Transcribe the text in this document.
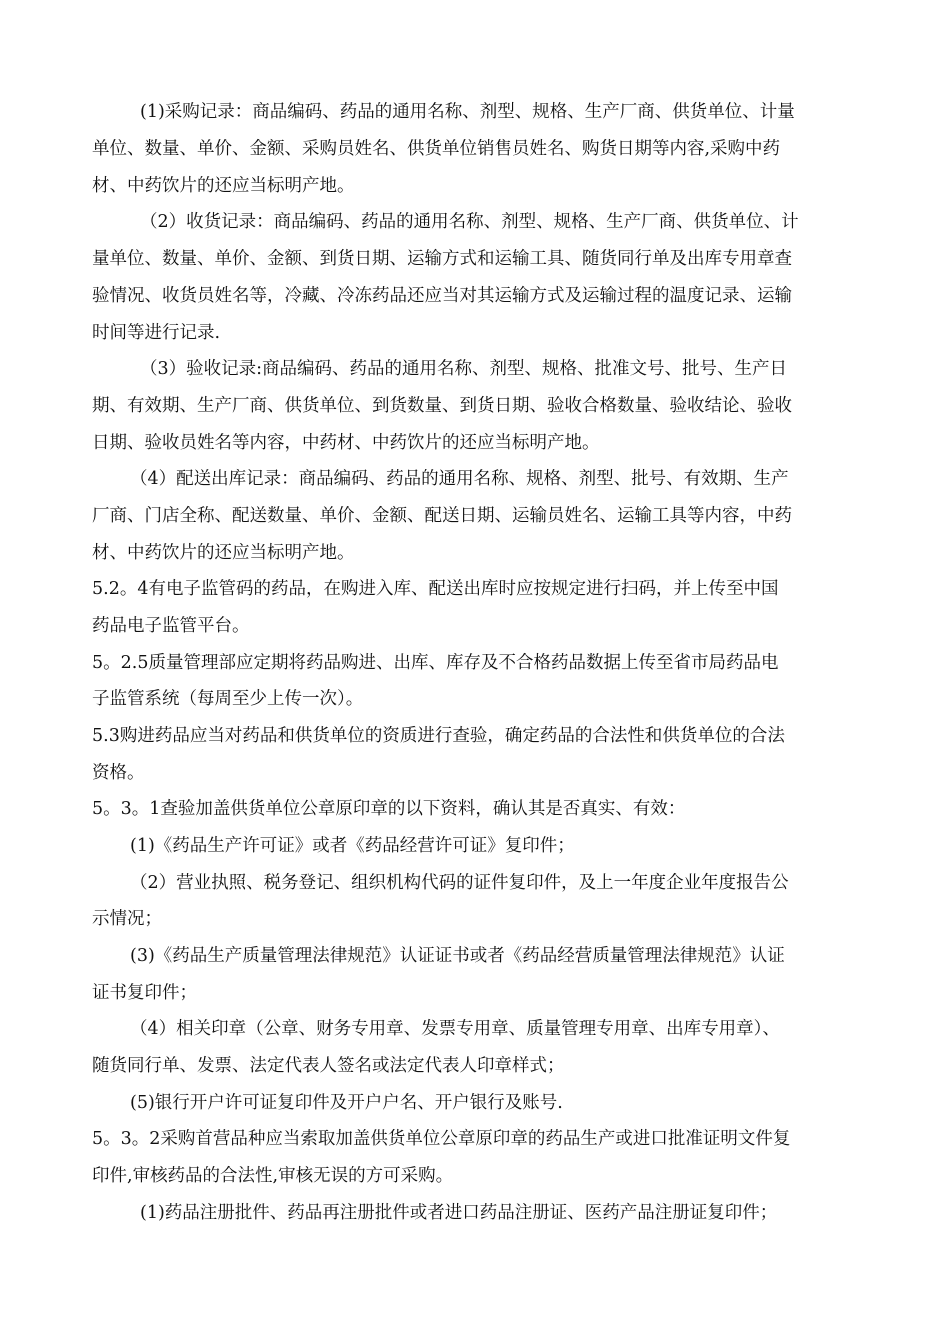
(1)采购记录：商品编码、药品的通用名称、剂型、规格、生产厂商、供货单位、计量
单位、数量、单价、金额、采购员姓名、供货单位销售员姓名、购货日期等内容,采购中药
材、中药饮片的还应当标明产地。
（2）收货记录：商品编码、药品的通用名称、剂型、规格、生产厂商、供货单位、计
量单位、数量、单价、金额、到货日期、运输方式和运输工具、随货同行单及出库专用章查
验情况、收货员姓名等，冷藏、冷冻药品还应当对其运输方式及运输过程的温度记录、运输
时间等进行记录.
（3）验收记录:商品编码、药品的通用名称、剂型、规格、批准文号、批号、生产日
期、有效期、生产厂商、供货单位、到货数量、到货日期、验收合格数量、验收结论、验收
日期、验收员姓名等内容，中药材、中药饮片的还应当标明产地。
（4）配送出库记录：商品编码、药品的通用名称、规格、剂型、批号、有效期、生产
厂商、门店全称、配送数量、单价、金额、配送日期、运输员姓名、运输工具等内容，中药
材、中药饮片的还应当标明产地。
5.2。4有电子监管码的药品，在购进入库、配送出库时应按规定进行扫码，并上传至中国
药品电子监管平台。
5。2.5质量管理部应定期将药品购进、出库、库存及不合格药品数据上传至省市局药品电
子监管系统（每周至少上传一次）。
5.3购进药品应当对药品和供货单位的资质进行查验，确定药品的合法性和供货单位的合法
资格。
5。3。1查验加盖供货单位公章原印章的以下资料，确认其是否真实、有效：
(1)《药品生产许可证》或者《药品经营许可证》复印件；
（2）营业执照、税务登记、组织机构代码的证件复印件，及上一年度企业年度报告公
示情况；
(3)《药品生产质量管理法律规范》认证证书或者《药品经营质量管理法律规范》认证
证书复印件；
（4）相关印章（公章、财务专用章、发票专用章、质量管理专用章、出库专用章）、
随货同行单、发票、法定代表人签名或法定代表人印章样式；
(5)银行开户许可证复印件及开户户名、开户银行及账号.
5。3。2采购首营品种应当索取加盖供货单位公章原印章的药品生产或进口批准证明文件复
印件,审核药品的合法性,审核无误的方可采购。
(1)药品注册批件、药品再注册批件或者进口药品注册证、医药产品注册证复印件；
